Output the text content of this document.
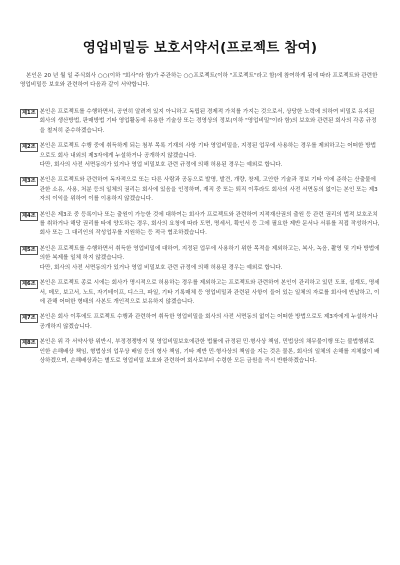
영업비밀등 보호서약서(프로젝트 참여)
본인은 20 년 월 일 주식회사 ○○(이하 "회사"라 함)가 주관하는 ○○프로젝트(이하 "프로젝트"라고 함)에 참여하게 됨에 따라 프로젝트와 관련한 영업비밀등 보호와 관련하여 다음과 같이 서약합니다.
제1조 본인은 프로젝트를 수행하면서, 공연히 알려져 있지 아니하고 독립된 경제적 가치를 가지는 것으로서, 상당한 노력에 의하여 비밀로 유지된 회사의 생산방법, 판매방법 기타 영업활동에 유용한 기술상 또는 경영상의 정보(이하 "영업비밀"이라 함)의 보호와 관련된 회사의 각종 규정을 철저히 준수하겠습니다.

제2조 본인은 프로젝트 수행 중에 취득하게 되는 첨부 목록 기재의 사항 기타 영업비밀을, 지정된 업무에 사용하는 경우를 제외하고는 어떠한 방법으로도 회사 내외의 제3자에게 누설하거나 공개하지 않겠습니다.

다만, 회사의 사전 서면동의가 있거나 영업 비밀보호 관련 규정에 의해 허용된 경우는 예외로 합니다.

제3조 본인은 프로젝트와 관련하여 독자적으로 또는 다른 사람과 공동으로 발명, 발견, 개량, 창제, 고안한 기술과 정보 기타 이에 준하는 산출물에 관한 소유, 사용, 처분 등의 일체의 권리는 회사에 있음을 인정하며, 재직 중 또는 퇴직 이후라도 회사의 사전 서면동의 없이는 본인 또는 제3자의 이익을 위하여 이를 이용하지 않겠습니다.

제4조 본인은 제3조 중 등록이나 또는 출원이 가능한 것에 대하여는 회사가 프로젝트와 관련하여 지적재산권의 출원 등 관련 권리의 법적 보호조치를 취하거나 해당 권리를 타에 양도하는 경우, 회사의 요청에 따라 도면, 명세서, 확인서 등 그에 필요한 제반 문서나 서류를 직접 작성하거나, 회사 또는 그 대리인의 작성업무를 지원하는 등 적극 협조하겠습니다.

제5조 본인은 프로젝트를 수행하면서 취득한 영업비밀에 대하여, 지정된 업무에 사용하기 위한 목적을 제외하고는, 복사, 녹음, 촬영 및 기타 방법에 의한 복제를 일체 하지 않겠습니다.

다만, 회사의 사전 서면동의가 있거나 영업 비밀보호 관련 규정에 의해 허용된 경우는 예외로 합니다.

제6조 본인은 프로젝트 종료 시에는 회사가 명시적으로 허용하는 경우를 제외하고는 프로젝트와 관련하여 본인이 관리하고 있던 도표, 설계도, 명세서, 메모, 보고서, 노트, 자기테이프, 디스크, 파일, 기타 기록매체 등 영업비밀과 관련된 사항이 들어 있는 일체의 자료를 회사에 반납하고, 이에 관해 어떠한 형태의 사본도 개인적으로 보유하지 않겠습니다.

제7조 본인은 회사 이후에도 프로젝트 수행과 관련하여 취득한 영업비밀을 회사의 사전 서면동의 없이는 어떠한 방법으로도 제3자에게 누설하거나 공개하지 않겠습니다.

제8조 본인은 위 각 서약사항 위반시, 부정경쟁방지 및 영업비밀보호에관한 법률에 규정된 민·형사상 책임, 민법상의 채무불이행 또는 불법행위로 인한 손해배상 책임, 형법상의 업무상 배임 등의 형사 책임, 기타 제반 민·형사상의 책임을 지는 것은 물론, 회사의 일체의 손해를 지체없이 배상하겠으며, 손해배상과는 별도로 영업비밀 보호와 관련하여 회사로부터 수령한 모든 금원을 즉시 반환하겠습니다.
